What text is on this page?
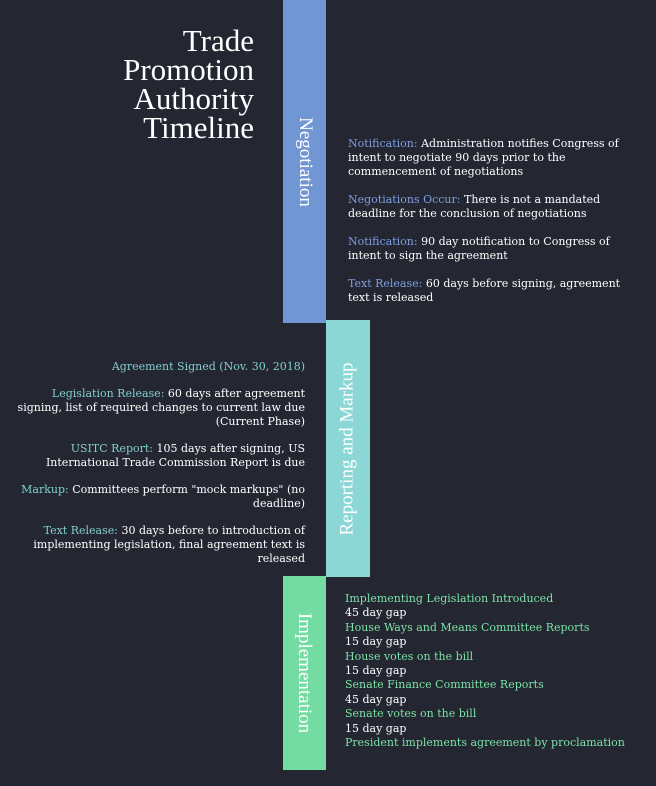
Trade
Promotion
Authority
Timeline Negotiation
Reporting and Markup
Implementation

Notification: Administration notifies Congress of intent to negotiate 90 days prior to the commencement of negotiations

Negotiations Occur: There is not a mandated deadline for the conclusion of negotiations

Notification: 90 day notification to Congress of intent to sign the agreement

Text Release: 60 days before signing, agreement text is released

Agreement Signed (Nov. 30, 2018)

Legislation Release: 60 days after agreement signing, list of required changes to current law due (Current Phase)

USITC Report: 105 days after signing, US International Trade Commission Report is due

Markup: Committees perform "mock markups" (no deadline)

Text Release: 30 days before to introduction of implementing legislation, final agreement text is released

Implementing Legislation Introduced
45 day gap
House Ways and Means Committee Reports
15 day gap
House votes on the bill
15 day gap
Senate Finance Committee Reports
45 day gap
Senate votes on the bill
15 day gap
President implements agreement by proclamation
